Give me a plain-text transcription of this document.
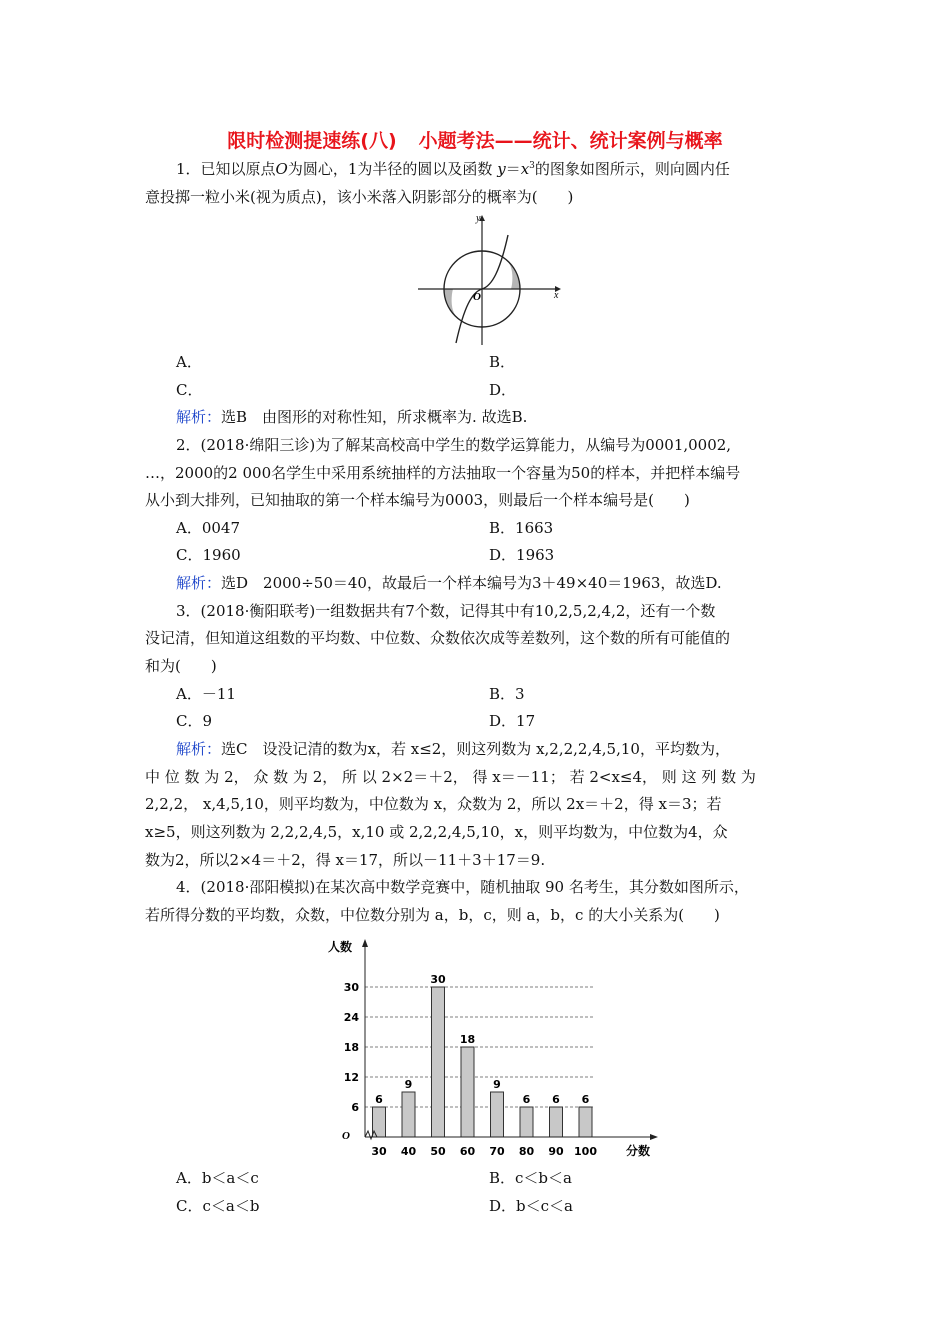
限时检测提速练(八) 小题考法——统计、统计案例与概率
1．已知以原点O为圆心，1为半径的圆以及函数 $y=x^3$的图象如图所示，则向圆内任
意投掷一粒小米(视为质点)，该小米落入阴影部分的概率为(　　)
y
x
O
A．	B．
C．	D．
解析：选B　由图形的对称性知，所求概率为. 故选B.
2．(2018·绵阳三诊)为了解某高校高中学生的数学运算能力，从编号为0001,0002,
…，2000的2 000名学生中采用系统抽样的方法抽取一个容量为50的样本，并把样本编号
从小到大排列，已知抽取的第一个样本编号为0003，则最后一个样本编号是(　　)
A．0047	B．1663
C．1960	D．1963
解析：选D　2000÷50＝40，故最后一个样本编号为3＋49×40＝1963，故选D.
3．(2018·衡阳联考)一组数据共有7个数，记得其中有10,2,5,2,4,2，还有一个数
没记清，但知道这组数的平均数、中位数、众数依次成等差数列，这个数的所有可能值的
和为(　　)
A．－11	B．3
C．9	D．17
解析：选C　设没记清的数为x，若 x≤2，则这列数为 x,2,2,2,4,5,10，平均数为，
中 位 数 为 2， 众 数 为 2， 所 以 2×2＝＋2， 得 x＝－11； 若 2<x≤4， 则 这 列 数 为
2,2,2， x,4,5,10，则平均数为，中位数为 x，众数为 2，所以 2x＝＋2，得 x＝3；若
x≥5，则这列数为 2,2,2,4,5，x,10 或 2,2,2,4,5,10，x，则平均数为，中位数为4，众
数为2，所以2×4＝＋2，得 x＝17，所以－11＋3＋17＝9.
4．(2018·邵阳模拟)在某次高中数学竞赛中，随机抽取 90 名考生，其分数如图所示，
若所得分数的平均数，众数，中位数分别为 a，b，c，则 a，b，c 的大小关系为(　　)
人数
分数
O
6
9
30
18
9
6 6 6
6
12
18
24
30
30 40 50 60 70 80 90 100
A．b＜a＜c	B．c＜b＜a
C．c＜a＜b	D．b＜c＜a
